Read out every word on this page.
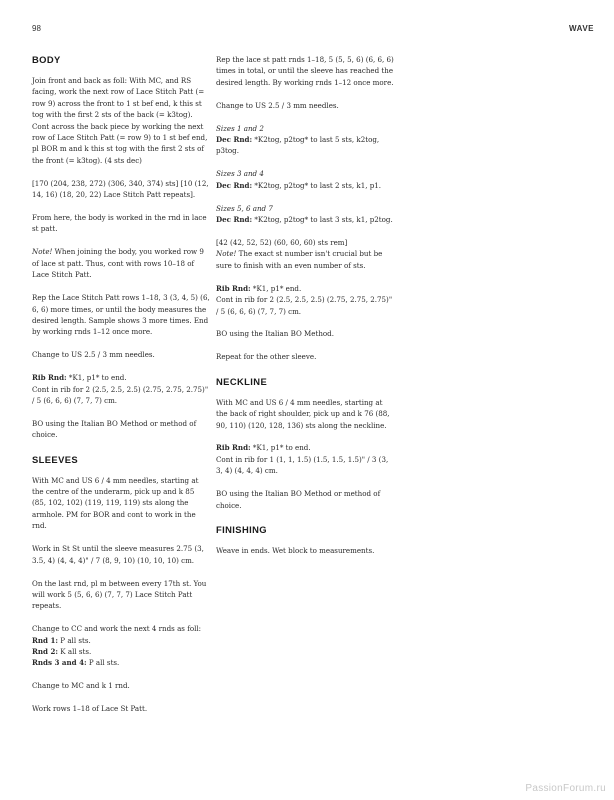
98	WAVE
BODY

Join front and back as foll: With MC, and RS facing, work the next row of Lace Stitch Patt (= row 9) across the front to 1 st bef end, k this st tog with the first 2 sts of the back (= k3tog). Cont across the back piece by working the next row of Lace Stitch Patt (= row 9) to 1 st bef end, pl BOR m and k this st tog with the first 2 sts of the front (= k3tog). (4 sts dec)

[170 (204, 238, 272) (306, 340, 374) sts] [10 (12, 14, 16) (18, 20, 22) Lace Stitch Patt repeats].

From here, the body is worked in the rnd in lace st patt.

Note! When joining the body, you worked row 9 of lace st patt. Thus, cont with rows 10–18 of Lace Stitch Patt.

Rep the Lace Stitch Patt rows 1–18, 3 (3, 4, 5) (6, 6, 6) more times, or until the body measures the desired length. Sample shows 3 more times. End by working rnds 1–12 once more.

Change to US 2.5 / 3 mm needles.

Rib Rnd: *K1, p1* to end.
Cont in rib for 2 (2.5, 2.5, 2.5) (2.75, 2.75, 2.75)" / 5 (6, 6, 6) (7, 7, 7) cm.

BO using the Italian BO Method or method of choice.

SLEEVES

With MC and US 6 / 4 mm needles, starting at the centre of the underarm, pick up and k 85 (85, 102, 102) (119, 119, 119) sts along the armhole. PM for BOR and cont to work in the rnd.

Work in St St until the sleeve measures 2.75 (3, 3.5, 4) (4, 4, 4)" / 7 (8, 9, 10) (10, 10, 10) cm.

On the last rnd, pl m between every 17th st. You will work 5 (5, 6, 6) (7, 7, 7) Lace Stitch Patt repeats.

Change to CC and work the next 4 rnds as foll:
Rnd 1: P all sts.
Rnd 2: K all sts.
Rnds 3 and 4: P all sts.

Change to MC and k 1 rnd.

Work rows 1–18 of Lace St Patt.

Rep the lace st patt rnds 1–18, 5 (5, 5, 6) (6, 6, 6) times in total, or until the sleeve has reached the desired length. By working rnds 1–12 once more.

Change to US 2.5 / 3 mm needles.

Sizes 1 and 2
Dec Rnd: *K2tog, p2tog* to last 5 sts, k2tog, p3tog.

Sizes 3 and 4
Dec Rnd: *K2tog, p2tog* to last 2 sts, k1, p1.

Sizes 5, 6 and 7
Dec Rnd: *K2tog, p2tog* to last 3 sts, k1, p2tog.

[42 (42, 52, 52) (60, 60, 60) sts rem]
Note! The exact st number isn't crucial but be sure to finish with an even number of sts.

Rib Rnd: *K1, p1* end.
Cont in rib for 2 (2.5, 2.5, 2.5) (2.75, 2.75, 2.75)" / 5 (6, 6, 6) (7, 7, 7) cm.

BO using the Italian BO Method.

Repeat for the other sleeve.

NECKLINE

With MC and US 6 / 4 mm needles, starting at the back of right shoulder, pick up and k 76 (88, 90, 110) (120, 128, 136) sts along the neckline.

Rib Rnd: *K1, p1* to end.
Cont in rib for 1 (1, 1, 1.5) (1.5, 1.5, 1.5)" / 3 (3, 3, 4) (4, 4, 4) cm.

BO using the Italian BO Method or method of choice.

FINISHING

Weave in ends. Wet block to measurements.

PassionForum.ru
